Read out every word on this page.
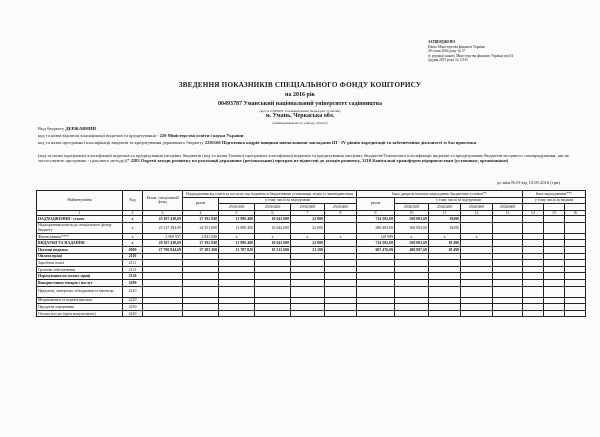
ЗАТВЕРДЖЕНО
Наказ Міністерства фінансів України
28 січня 2002 року № 57
(у редакції наказу Міністерства фінансів України від 04
грудня 2015 року № 1118)
ЗВЕДЕННЯ ПОКАЗНИКІВ СПЕЦІАЛЬНОГО ФОНДУ КОШТОРИСУ
на 2016 рік
00493787 Уманський національний університет садівництва
(код за ЄДРПОУ та найменування бюджетної установи)
м. Умань, Черкаська обл.
(найменування міста, району, області)
Вид бюджету ДЕРЖАВНИЙ
код та назва відомчої класифікації видатків та кредитування - 220 Міністерство освіти і науки України
код та назва програмної класифікації видатків та кредитування державного бюджету 2201160 Підготовка кадрів вищими навчальними закладами III - IV рівнів акредитації та забезпечення діяльності їх баз практики
(код та назва програмної класифікації видатків та кредитування місцевих бюджетів (код та назва Типової програмної класифікації видатків та кредитування місцевих бюджетів/Тимчасової класифікації видатків та кредитування бюджетів місцевого самоврядування, які не застосовують програмно - цільового методу))* 2282 Окремі заходи розвитку по реалізації державних (регіональних) програм не віднесені до заходів розвитку, 3210 Капітальні трансферти підприємствам (установам, організаціям)
до вим.№19 від 19.09.2016 (грн)
Найменування	Код	Разом, спеціальний фонд	Надходження від плати за послуги, що надаються бюджетними установами згідно із законодавством					Інші джерела власних надходжень бюджетних установ**					Інші надходження***		
			разом	у тому числі за підгрупами				разом	у тому числі за підгрупами				у тому числі за видами		
				25010100	25010200	25010300	25010400		25020100	25020200	25020400	25020600			
1	2	3	4	5	6	7	8	9	10	11	12	13	14	15	16
НАДХОДЖЕННЯ - усього	x	25 107 430,69	27 392 848	13 886 400	10 642 600	22 000		714 582,69	568 003,69	18490					
Надходження коштів до спеціального фонду бюджету	x	25 137 493,69	24 551 000	13 886 400	10 642 600	22 000		586 493,69	568 003,69	18490					
Фінансування****	x	2 969 937	2 841 848	x	x	x	x	128 089	x	x	x				
ВИДАТКИ ТА НАДАННЯ	x	28 107 430,69	27 392 848	13 886 400	10 642 600	22 000		714 582,69	568 003,69	18 490					
Поточні видатки	2000	27 790 844,69	27 183 368	13 787 820	10 512 600	21 100		607 476,69	480 897,69	18 490					
Оплата праці	2110														
Заробітна плата	2111														
Грошове забезпечення	2112														
Нарахування на оплату праці	2120														
Використання товарів і послуг	2200														
Предмети, матеріали, обладнання та інвентар	2210														
Медикаменти та перев'язувальні	2220														
Продукти харчування	2230														
Оплата послуг (крім комунальних)	2240														
